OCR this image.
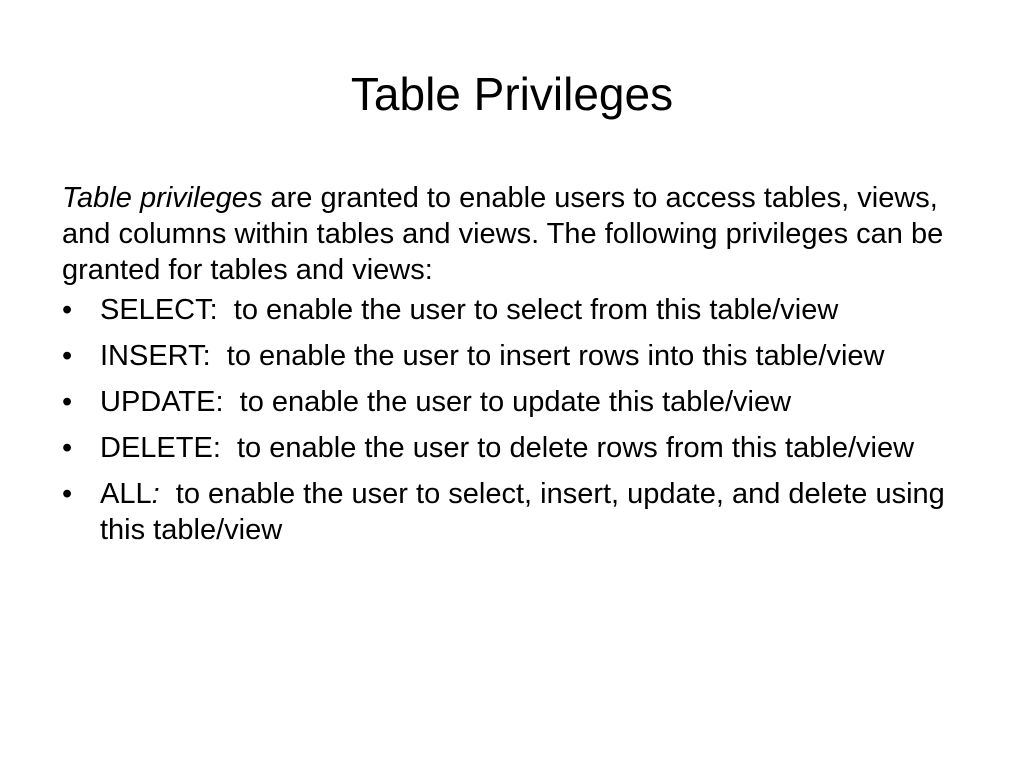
Table Privileges

Table privileges are granted to enable users to access tables, views, and columns within tables and views. The following privileges can be granted for tables and views:

• SELECT:  to enable the user to select from this table/view
• INSERT:  to enable the user to insert rows into this table/view
• UPDATE:  to enable the user to update this table/view
• DELETE:  to enable the user to delete rows from this table/view
• ALL:  to enable the user to select, insert, update, and delete using this table/view
